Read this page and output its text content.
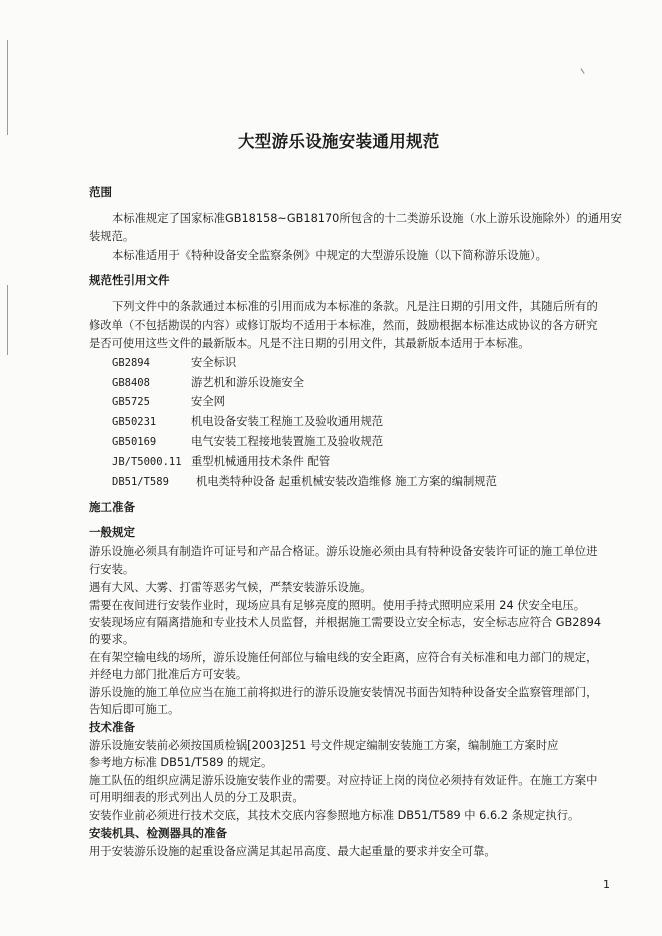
大型游乐设施安装通用规范
范围
本标准规定了国家标准GB18158~GB18170所包含的十二类游乐设施（水上游乐设施除外）的通用安
装规范。
本标准适用于《特种设备安全监察条例》中规定的大型游乐设施（以下简称游乐设施）。
规范性引用文件
下列文件中的条款通过本标准的引用而成为本标准的条款。凡是注日期的引用文件，其随后所有的
修改单（不包括勘误的内容）或修订版均不适用于本标准，然而，鼓励根据本标准达成协议的各方研究
是否可使用这些文件的最新版本。凡是不注日期的引用文件，其最新版本适用于本标准。
GB2894	安全标识
GB8408	游艺机和游乐设施安全
GB5725	安全网
GB50231	机电设备安装工程施工及验收通用规范
GB50169	电气安装工程接地装置施工及验收规范
JB/T5000.11 重型机械通用技术条件 配管
DB51/T589 机电类特种设备 起重机械安装改造维修 施工方案的编制规范
施工准备
一般规定
游乐设施必须具有制造许可证号和产品合格证。游乐设施必须由具有特种设备安装许可证的施工单位进
行安装。
遇有大风、大雾、打雷等恶劣气候，严禁安装游乐设施。
需要在夜间进行安装作业时，现场应具有足够亮度的照明。使用手持式照明应采用 24 伏安全电压。
安装现场应有隔离措施和专业技术人员监督，并根据施工需要设立安全标志，安全标志应符合 GB2894
的要求。
在有架空输电线的场所，游乐设施任何部位与输电线的安全距离，应符合有关标准和电力部门的规定，
并经电力部门批准后方可安装。
游乐设施的施工单位应当在施工前将拟进行的游乐设施安装情况书面告知特种设备安全监察管理部门，
告知后即可施工。
技术准备
游乐设施安装前必须按国质检锅[2003]251 号文件规定编制安装施工方案，编制施工方案时应
参考地方标准 DB51/T589 的规定。
施工队伍的组织应满足游乐设施安装作业的需要。对应持证上岗的岗位必须持有效证件。在施工方案中
可用明细表的形式列出人员的分工及职责。
安装作业前必须进行技术交底，其技术交底内容参照地方标准 DB51/T589 中 6.6.2 条规定执行。
安装机具、检测器具的准备
用于安装游乐设施的起重设备应满足其起吊高度、最大起重量的要求并安全可靠。
1
